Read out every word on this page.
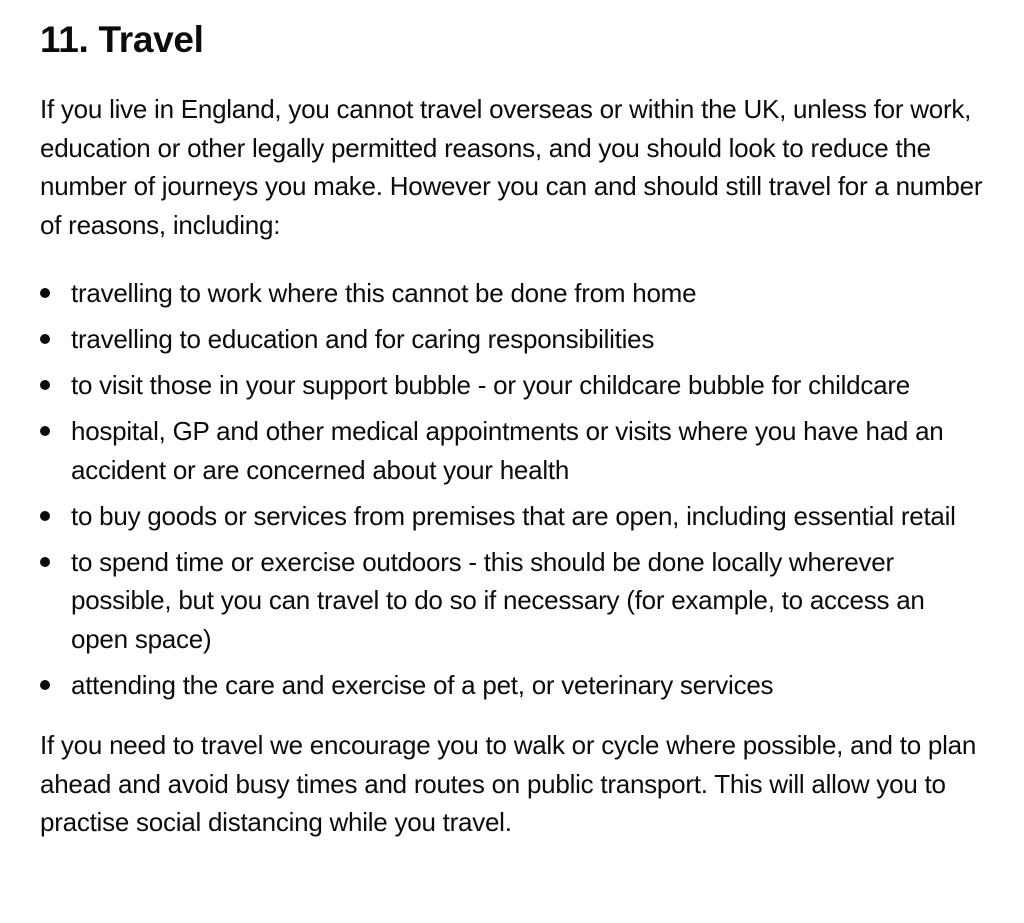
11. Travel

If you live in England, you cannot travel overseas or within the UK, unless for work, education or other legally permitted reasons, and you should look to reduce the number of journeys you make. However you can and should still travel for a number of reasons, including:

travelling to work where this cannot be done from home
travelling to education and for caring responsibilities
to visit those in your support bubble - or your childcare bubble for childcare
hospital, GP and other medical appointments or visits where you have had an accident or are concerned about your health
to buy goods or services from premises that are open, including essential retail
to spend time or exercise outdoors - this should be done locally wherever possible, but you can travel to do so if necessary (for example, to access an open space)
attending the care and exercise of a pet, or veterinary services

If you need to travel we encourage you to walk or cycle where possible, and to plan ahead and avoid busy times and routes on public transport. This will allow you to practise social distancing while you travel.
